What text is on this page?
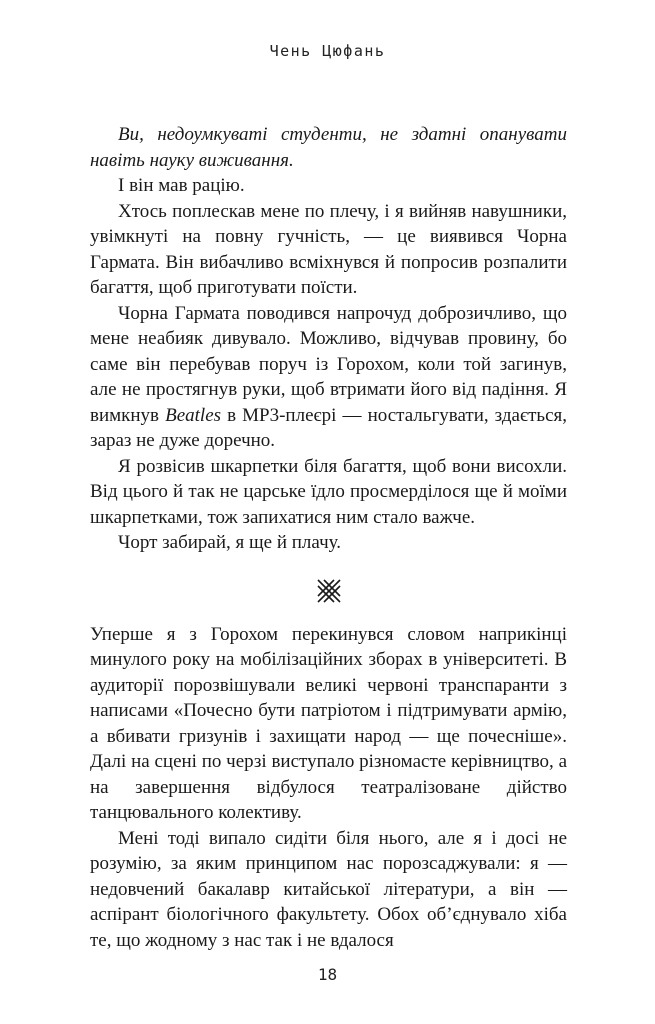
Чень Цюфань

Ви, недоумкуваті студенти, не здатні опанувати навіть науку виживання.

І він мав рацію.

Хтось поплескав мене по плечу, і я вийняв навушники, увімкнуті на повну гучність, — це виявився Чорна Гармата. Він вибачливо всміхнувся й попросив розпалити багаття, щоб приготувати поїсти.

Чорна Гармата поводився напрочуд доброзичливо, що мене неабияк дивувало. Можливо, відчував провину, бо саме він перебував поруч із Горохом, коли той загинув, але не простягнув руки, щоб втримати його від падіння. Я вимкнув Beatles в МР3-плеєрі — ностальгувати, здається, зараз не дуже доречно.

Я розвісив шкарпетки біля багаття, щоб вони висохли. Від цього й так не царське їдло просмерділося ще й моїми шкарпетками, тож запихатися ним стало важче.

Чорт забирай, я ще й плачу.

Уперше я з Горохом перекинувся словом наприкінці минулого року на мобілізаційних зборах в університеті. В аудиторії порозвішували великі червоні транспаранти з написами «Почесно бути патріотом і підтримувати армію, а вбивати гризунів і захищати народ — ще почесніше». Далі на сцені по черзі виступало різномасте керівництво, а на завершення відбулося театралізоване дійство танцювального колективу.

Мені тоді випало сидіти біля нього, але я і досі не розумію, за яким принципом нас порозсаджували: я — недовчений бакалавр китайської літератури, а він — аспірант біологічного факультету. Обох об’єднувало хіба те, що жодному з нас так і не вдалося

18
